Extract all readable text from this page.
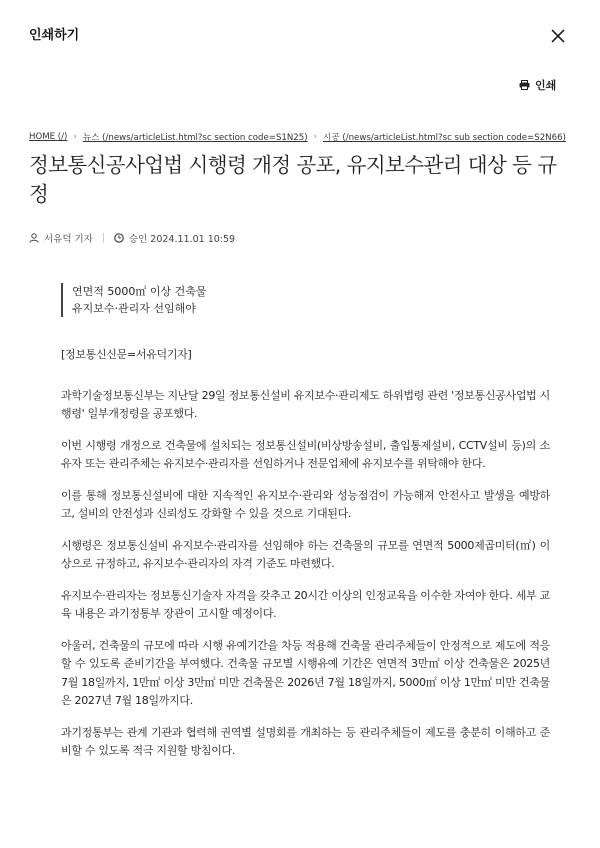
인쇄하기
인쇄
HOME (/) › 뉴스 (/news/articleList.html?sc section code=S1N25) › 시공 (/news/articleList.html?sc sub section code=S2N66)
정보통신공사업법 시행령 개정 공포, 유지보수관리 대상 등 규정
서유덕 기자	승인 2024.11.01 10:59
연면적 5000㎡ 이상 건축물
유지보수·관리자 선임해야

[정보통신신문=서유덕기자]

과학기술정보통신부는 지난달 29일 정보통신설비 유지보수·관리제도 하위법령 관련 '정보통신공사업법 시행령' 일부개정령을 공포했다.

이번 시행령 개정으로 건축물에 설치되는 정보통신설비(비상방송설비, 출입통제설비, CCTV설비 등)의 소유자 또는 관리주체는 유지보수·관리자를 선임하거나 전문업체에 유지보수를 위탁해야 한다.

이를 통해 정보통신설비에 대한 지속적인 유지보수·관리와 성능점검이 가능해져 안전사고 발생을 예방하고, 설비의 안전성과 신뢰성도 강화할 수 있을 것으로 기대된다.

시행령은 정보통신설비 유지보수·관리자를 선임해야 하는 건축물의 규모를 연면적 5000제곱미터(㎡) 이상으로 규정하고, 유지보수·관리자의 자격 기준도 마련했다.

유지보수·관리자는 정보통신기술자 자격을 갖추고 20시간 이상의 인정교육을 이수한 자여야 한다. 세부 교육 내용은 과기정통부 장관이 고시할 예정이다.

아울러, 건축물의 규모에 따라 시행 유예기간을 차등 적용해 건축물 관리주체들이 안정적으로 제도에 적응할 수 있도록 준비기간을 부여했다. 건축물 규모별 시행유예 기간은 연면적 3만㎡ 이상 건축물은 2025년 7월 18일까지, 1만㎡ 이상 3만㎡ 미만 건축물은 2026년 7월 18일까지, 5000㎡ 이상 1만㎡ 미만 건축물은 2027년 7월 18일까지다.

과기정통부는 관계 기관과 협력해 권역별 설명회를 개최하는 등 관리주체들이 제도를 충분히 이해하고 준비할 수 있도록 적극 지원할 방침이다.
